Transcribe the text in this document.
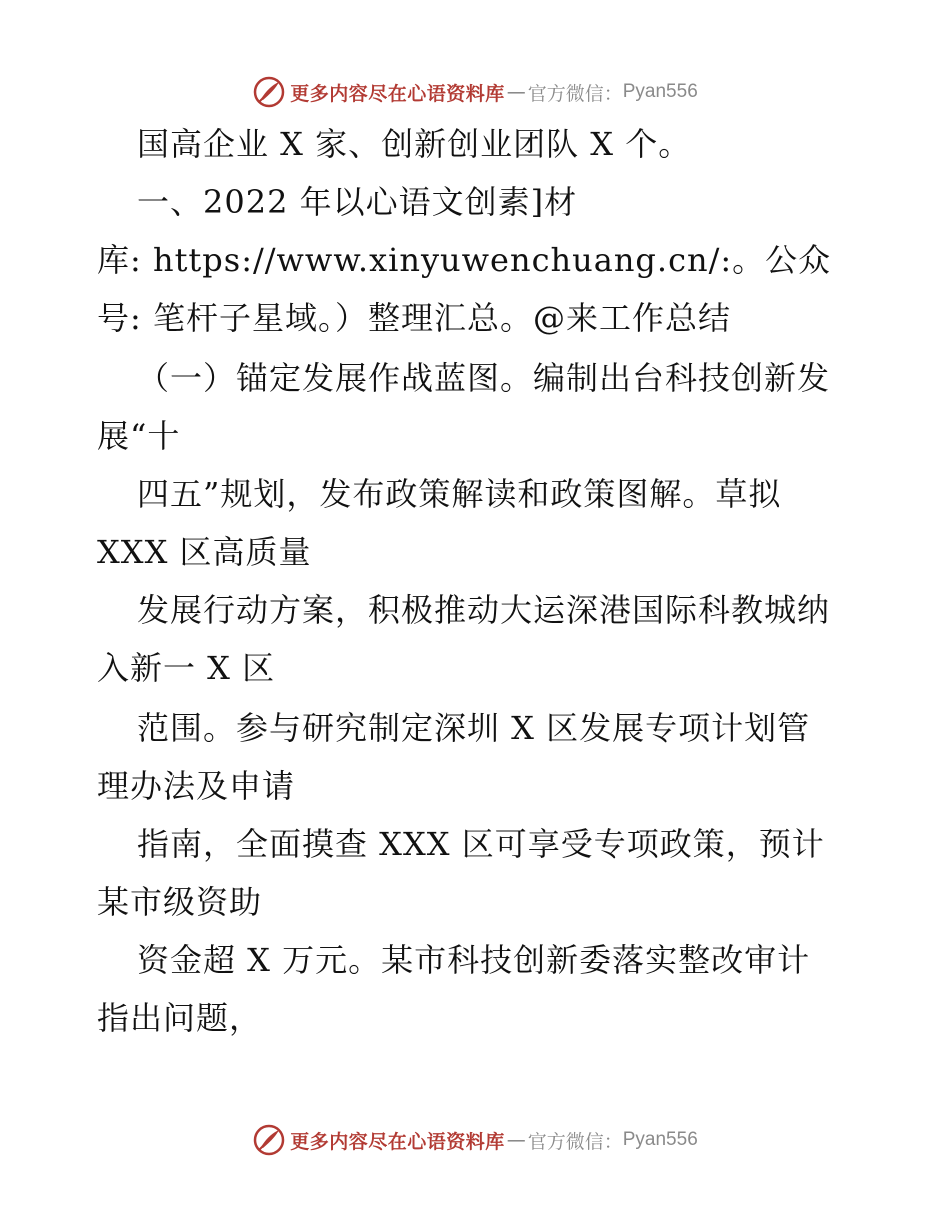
更多内容尽在心语资料库 — 官方微信： Pyan556
国高企业 X 家、创新创业团队 X 个。
一、2022 年以心语文创素]材
库: https://www.xinyuwenchuang.cn/:。公众
号: 笔杆子星域。）整理汇总。@来工作总结
（一）锚定发展作战蓝图。编制出台科技创新发
展“十
四五”规划，发布政策解读和政策图解。草拟
XXX 区高质量
发展行动方案，积极推动大运深港国际科教城纳
入新一 X 区
范围。参与研究制定深圳 X 区发展专项计划管
理办法及申请
指南，全面摸查 XXX 区可享受专项政策，预计
某市级资助
资金超 X 万元。某市科技创新委落实整改审计
指出问题，
更多内容尽在心语资料库 — 官方微信： Pyan556
